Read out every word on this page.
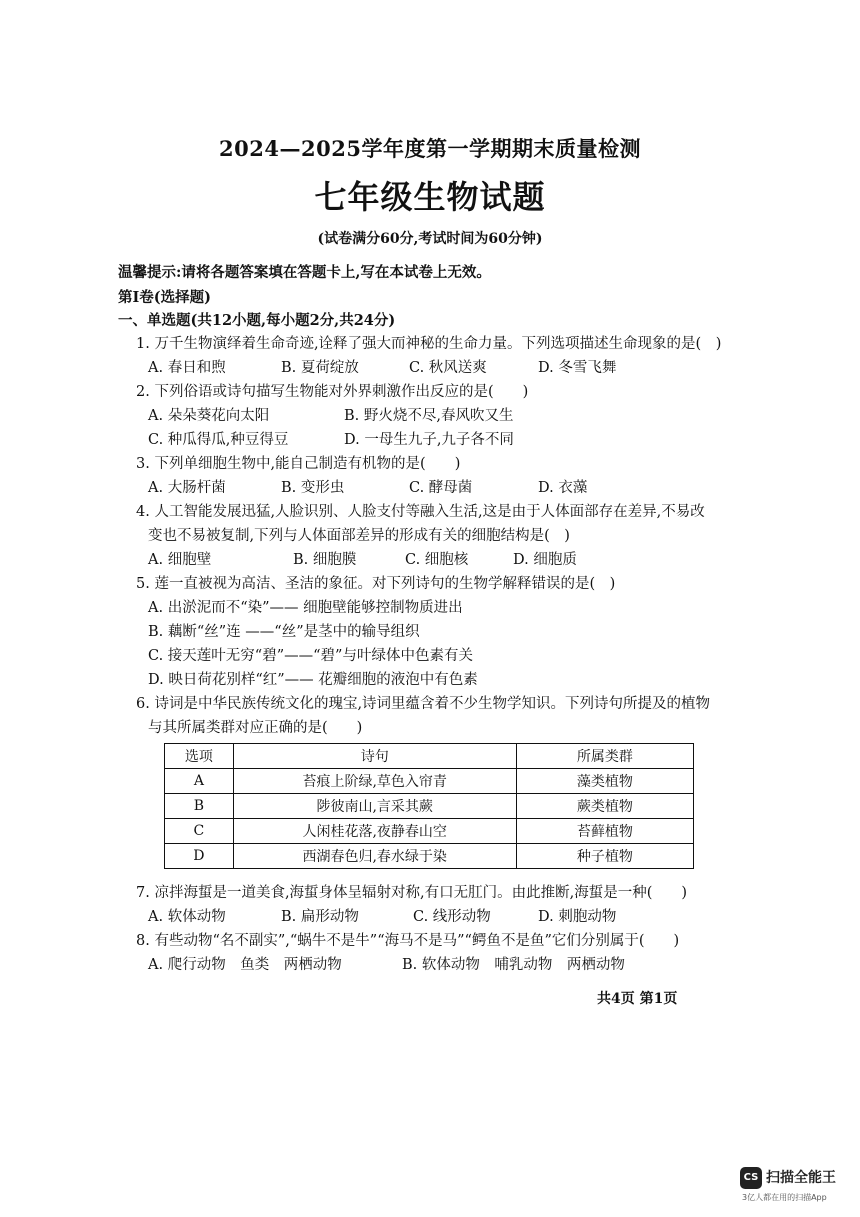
2024—2025学年度第一学期期末质量检测
七年级生物试题
(试卷满分60分,考试时间为60分钟)
温馨提示:请将各题答案填在答题卡上,写在本试卷上无效。
第Ⅰ卷(选择题)
一、单选题(共12小题,每小题2分,共24分)
1. 万千生物演绎着生命奇迹,诠释了强大而神秘的生命力量。下列选项描述生命现象的是(　)
A. 春日和煦	B. 夏荷绽放	C. 秋风送爽	D. 冬雪飞舞
2. 下列俗语或诗句描写生物能对外界刺激作出反应的是(　　)
A. 朵朵葵花向太阳	B. 野火烧不尽,春风吹又生
C. 种瓜得瓜,种豆得豆	D. 一母生九子,九子各不同
3. 下列单细胞生物中,能自己制造有机物的是(　　)
A. 大肠杆菌	B. 变形虫	C. 酵母菌	D. 衣藻
4. 人工智能发展迅猛,人脸识别、人脸支付等融入生活,这是由于人体面部存在差异,不易改
变也不易被复制,下列与人体面部差异的形成有关的细胞结构是(　)
A. 细胞壁	B. 细胞膜	C. 细胞核	D. 细胞质
5. 莲一直被视为高洁、圣洁的象征。对下列诗句的生物学解释错误的是(　)
A. 出淤泥而不“染”—— 细胞壁能够控制物质进出
B. 藕断“丝”连 ——“丝”是茎中的输导组织
C. 接天莲叶无穷“碧”——“碧”与叶绿体中色素有关
D. 映日荷花别样“红”—— 花瓣细胞的液泡中有色素
6. 诗词是中华民族传统文化的瑰宝,诗词里蕴含着不少生物学知识。下列诗句所提及的植物
与其所属类群对应正确的是(　　)
选项	诗句	所属类群
A	苔痕上阶绿,草色入帘青	藻类植物
B	陟彼南山,言采其蕨	蕨类植物
C	人闲桂花落,夜静春山空	苔藓植物
D	西湖春色归,春水绿于染	种子植物
7. 凉拌海蜇是一道美食,海蜇身体呈辐射对称,有口无肛门。由此推断,海蜇是一种(　　)
A. 软体动物	B. 扁形动物	C. 线形动物	D. 刺胞动物
8. 有些动物“名不副实”,“蜗牛不是牛”“海马不是马”“鳄鱼不是鱼”它们分别属于(　　)
A. 爬行动物　鱼类　两栖动物	B. 软体动物　哺乳动物　两栖动物
共4页 第1页
CS 扫描全能王
3亿人都在用的扫描App
